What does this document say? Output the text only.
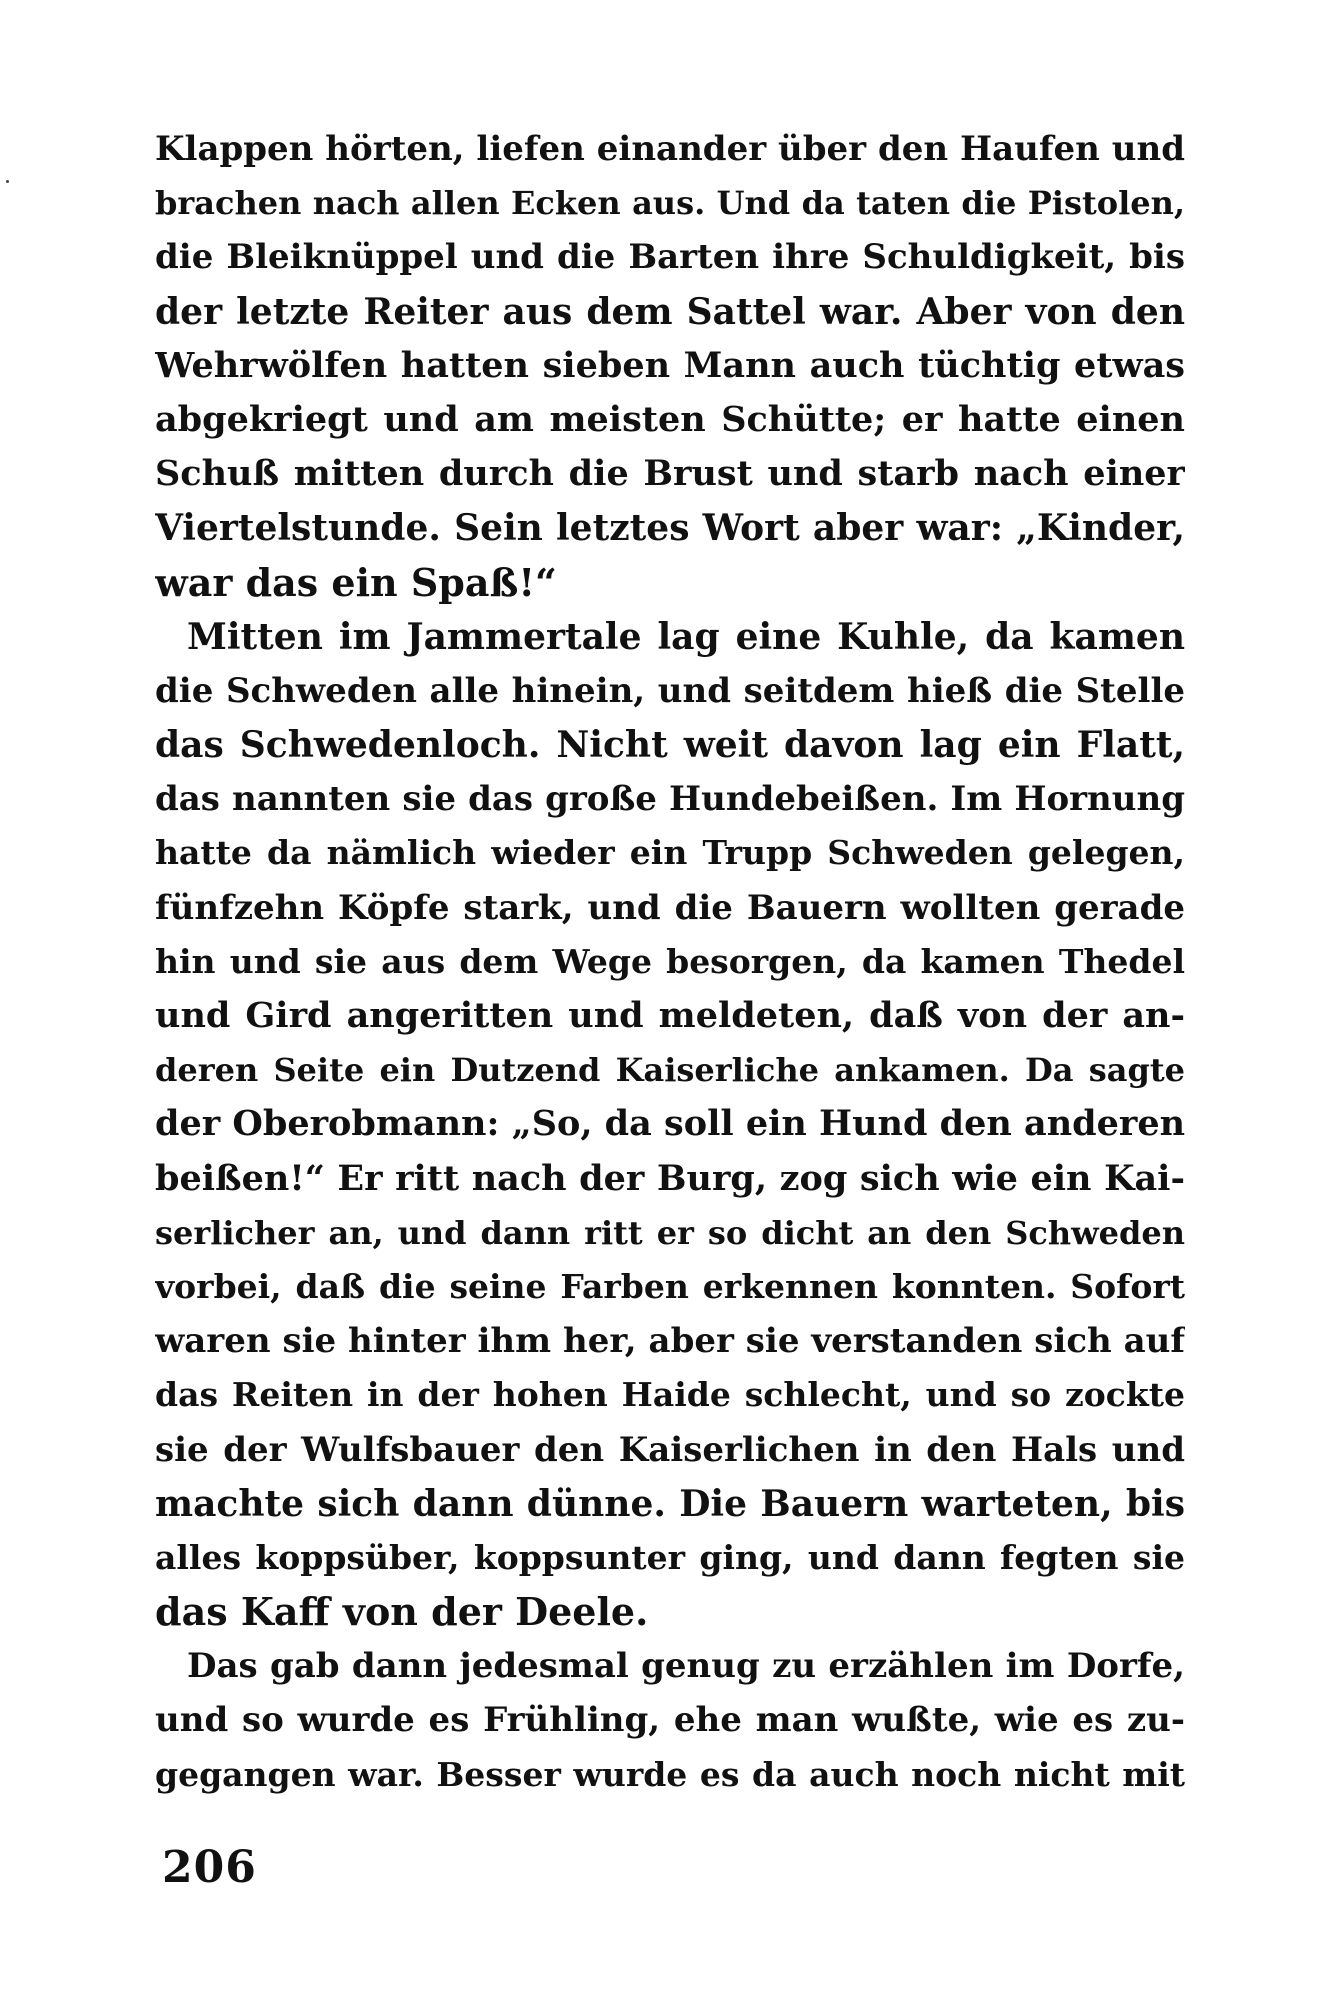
Klappen hörten, liefen einander über den Haufen und
brachen nach allen Ecken aus. Und da taten die Pistolen,
die Bleiknüppel und die Barten ihre Schuldigkeit, bis
der letzte Reiter aus dem Sattel war. Aber von den
Wehrwölfen hatten sieben Mann auch tüchtig etwas
abgekriegt und am meisten Schütte; er hatte einen
Schuß mitten durch die Brust und starb nach einer
Viertelstunde. Sein letztes Wort aber war: „Kinder,
war das ein Spaß!“
Mitten im Jammertale lag eine Kuhle, da kamen
die Schweden alle hinein, und seitdem hieß die Stelle
das Schwedenloch. Nicht weit davon lag ein Flatt,
das nannten sie das große Hundebeißen. Im Hornung
hatte da nämlich wieder ein Trupp Schweden gelegen,
fünfzehn Köpfe stark, und die Bauern wollten gerade
hin und sie aus dem Wege besorgen, da kamen Thedel
und Gird angeritten und meldeten, daß von der an-
deren Seite ein Dutzend Kaiserliche ankamen. Da sagte
der Oberobmann: „So, da soll ein Hund den anderen
beißen!“ Er ritt nach der Burg, zog sich wie ein Kai-
serlicher an, und dann ritt er so dicht an den Schweden
vorbei, daß die seine Farben erkennen konnten. Sofort
waren sie hinter ihm her, aber sie verstanden sich auf
das Reiten in der hohen Haide schlecht, und so zockte
sie der Wulfsbauer den Kaiserlichen in den Hals und
machte sich dann dünne. Die Bauern warteten, bis
alles koppsüber, koppsunter ging, und dann fegten sie
das Kaff von der Deele.
Das gab dann jedesmal genug zu erzählen im Dorfe,
und so wurde es Frühling, ehe man wußte, wie es zu-
gegangen war. Besser wurde es da auch noch nicht mit
206
